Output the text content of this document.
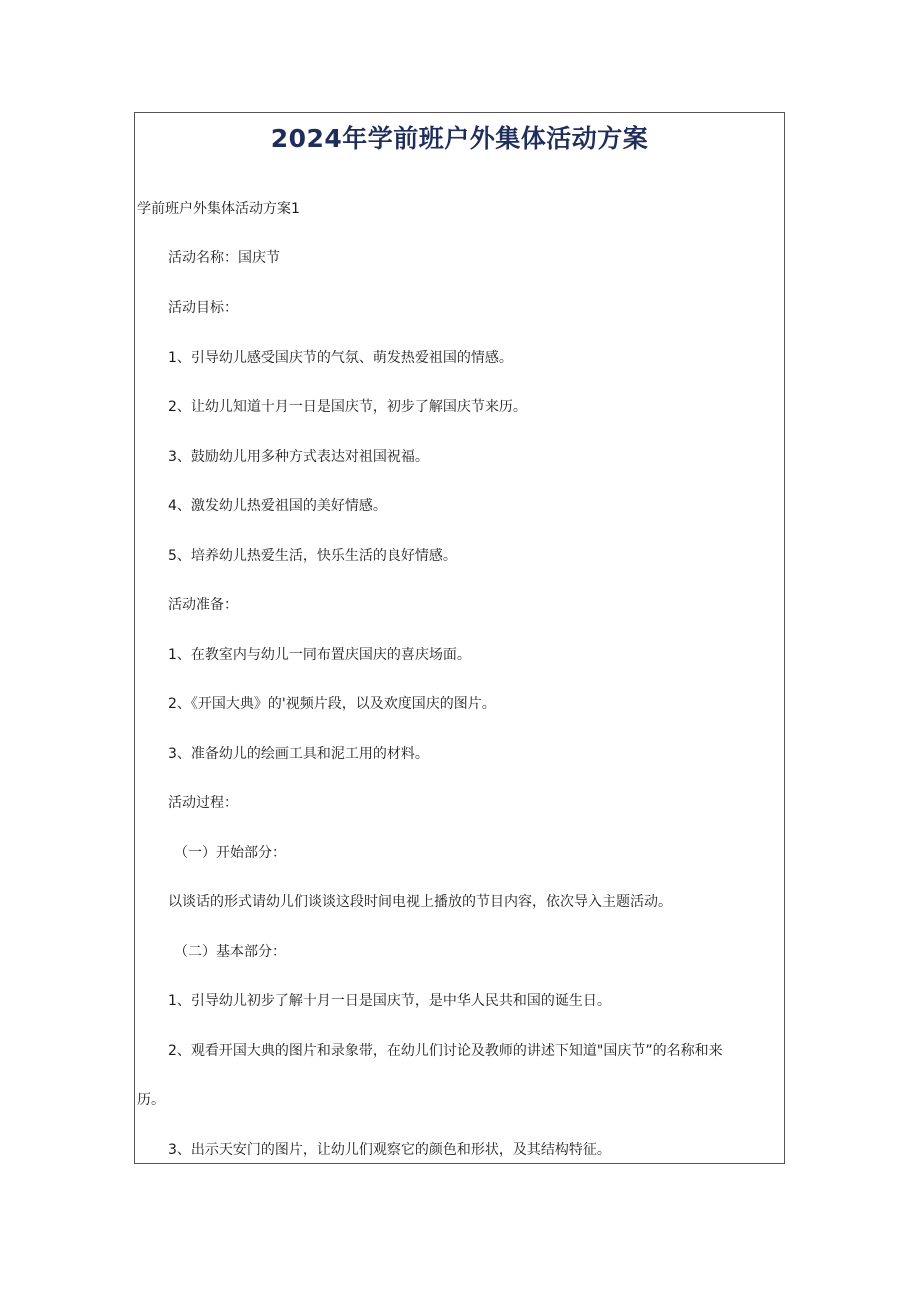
2024年学前班户外集体活动方案

学前班户外集体活动方案1

活动名称：国庆节

活动目标：

1、引导幼儿感受国庆节的气氛、萌发热爱祖国的情感。

2、让幼儿知道十月一日是国庆节，初步了解国庆节来历。

3、鼓励幼儿用多种方式表达对祖国祝福。

4、激发幼儿热爱祖国的美好情感。

5、培养幼儿热爱生活，快乐生活的良好情感。

活动准备：

1、在教室内与幼儿一同布置庆国庆的喜庆场面。

2、《开国大典》的'视频片段，以及欢度国庆的图片。

3、准备幼儿的绘画工具和泥工用的材料。

活动过程：

（一）开始部分：

以谈话的形式请幼儿们谈谈这段时间电视上播放的节目内容，依次导入主题活动。

（二）基本部分：

1、引导幼儿初步了解十月一日是国庆节，是中华人民共和国的诞生日。

2、观看开国大典的图片和录象带，在幼儿们讨论及教师的讲述下知道"国庆节”的名称和来

历。

3、出示天安门的图片，让幼儿们观察它的颜色和形状，及其结构特征。
